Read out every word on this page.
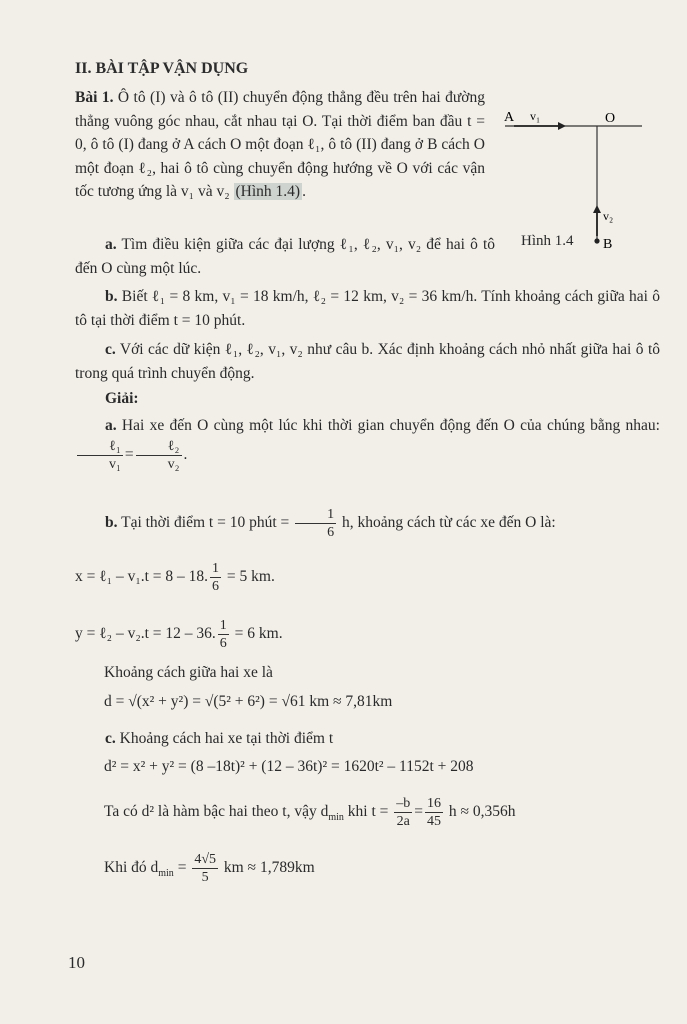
II. BÀI TẬP VẬN DỤNG
Bài 1. Ô tô (I) và ô tô (II) chuyển động thẳng đều trên hai đường thẳng vuông góc nhau, cắt nhau tại O. Tại thời điểm ban đầu t = 0, ô tô (I) đang ở A cách O một đoạn ℓ₁, ô tô (II) đang ở B cách O một đoạn ℓ₂, hai ô tô cùng chuyển động hướng về O với các vận tốc tương ứng là v₁ và v₂ (Hình 1.4) .
A	O
v₁
v₂
B
Hình 1.4
a. Tìm điều kiện giữa các đại lượng ℓ₁, ℓ₂, v₁, v₂ để hai ô tô đến O cùng một lúc.
b. Biết ℓ₁ = 8 km, v₁ = 18 km/h, ℓ₂ = 12 km, v₂ = 36 km/h. Tính khoảng cách giữa hai ô tô tại thời điểm t = 10 phút.
c. Với các dữ kiện ℓ₁, ℓ₂, v₁, v₂ như câu b. Xác định khoảng cách nhỏ nhất giữa hai ô tô trong quá trình chuyển động.
Giải:
a. Hai xe đến O cùng một lúc khi thời gian chuyển động đến O của chúng bằng nhau:
$\frac{\text{ℓ₁}}{\text{v₁}} = \frac{\text{ℓ₂}}{\text{v₂}}$ .
b. Tại thời điểm t = 10 phút = $\frac{1}{6} h$, khoảng cách từ các xe đến O là:
x = ℓ₁ – v₁.t = 8 – 18. $\frac{1}{6} = 5$ km.
y = ℓ₂ – v₂.t = 12 – 36. $\frac{1}{6} = 6$ km.
Khoảng cách giữa hai xe là
d = √(x² + y²) = √(5² + 6²) = √61 km ≈ 7,81km
c. Khoảng cách hai xe tại thời điểm t
d² = x² + y² = (8 –18t)² + (12 – 36t)² = 1620t² – 1152t + 208
Ta có d² là hàm bậc hai theo t, vậy $d_{min}$ khi $t = \frac{-b}{2a} = \frac{16}{45}$ h ≈ 0,356h
Khi đó $d_{min} = \frac{4√5}{5}$ km ≈ 1,789km
10
